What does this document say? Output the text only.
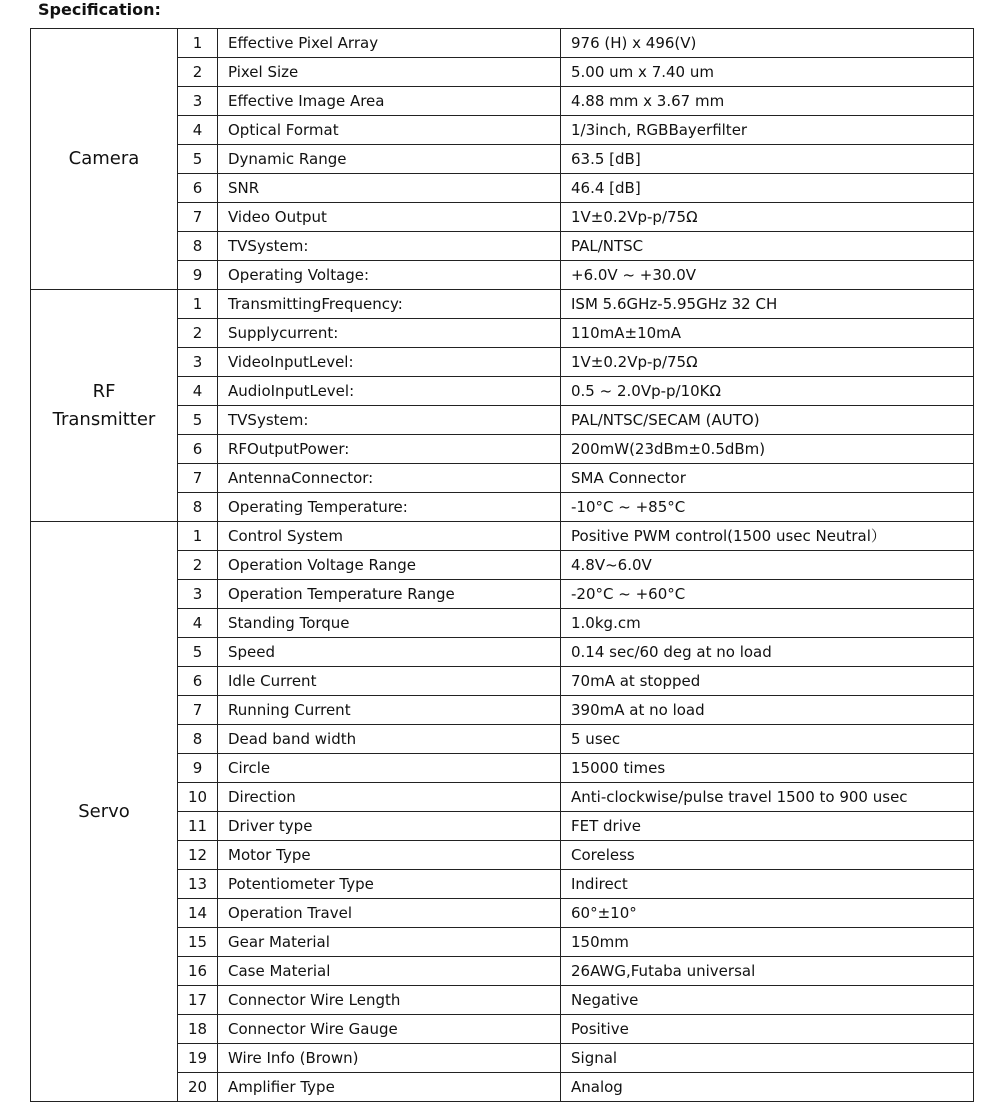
Specification:
Camera	1	Effective Pixel Array	976 (H) x 496(V)
	2	Pixel Size	5.00 um x 7.40 um
	3	Effective Image Area	4.88 mm x 3.67 mm
	4	Optical Format	1/3inch, RGBBayerfilter
	5	Dynamic Range	63.5 [dB]
	6	SNR	46.4 [dB]
	7	Video Output	1V±0.2Vp-p/75Ω
	8	TVSystem:	PAL/NTSC
	9	Operating Voltage:	+6.0V ~ +30.0V

RF
Transmitter	1	TransmittingFrequency:	ISM 5.6GHz-5.95GHz 32 CH
	2	Supplycurrent:	110mA±10mA
	3	VideoInputLevel:	1V±0.2Vp-p/75Ω
	4	AudioInputLevel:	0.5 ~ 2.0Vp-p/10KΩ
	5	TVSystem:	PAL/NTSC/SECAM (AUTO)
	6	RFOutputPower:	200mW(23dBm±0.5dBm)
	7	AntennaConnector:	SMA Connector
	8	Operating Temperature:	-10°C ~ +85°C

Servo	1	Control System	Positive PWM control(1500 usec Neutral）
	2	Operation Voltage Range	4.8V~6.0V
	3	Operation Temperature Range	-20°C ~ +60°C
	4	Standing Torque	1.0kg.cm
	5	Speed	0.14 sec/60 deg at no load
	6	Idle Current	70mA at stopped
	7	Running Current	390mA at no load
	8	Dead band width	5 usec
	9	Circle	15000 times
	10	Direction	Anti-clockwise/pulse travel 1500 to 900 usec
	11	Driver type	FET drive
	12	Motor Type	Coreless
	13	Potentiometer Type	Indirect
	14	Operation Travel	60°±10°
	15	Gear Material	150mm
	16	Case Material	26AWG,Futaba universal
	17	Connector Wire Length	Negative
	18	Connector Wire Gauge	Positive
	19	Wire Info (Brown)	Signal
	20	Amplifier Type	Analog
